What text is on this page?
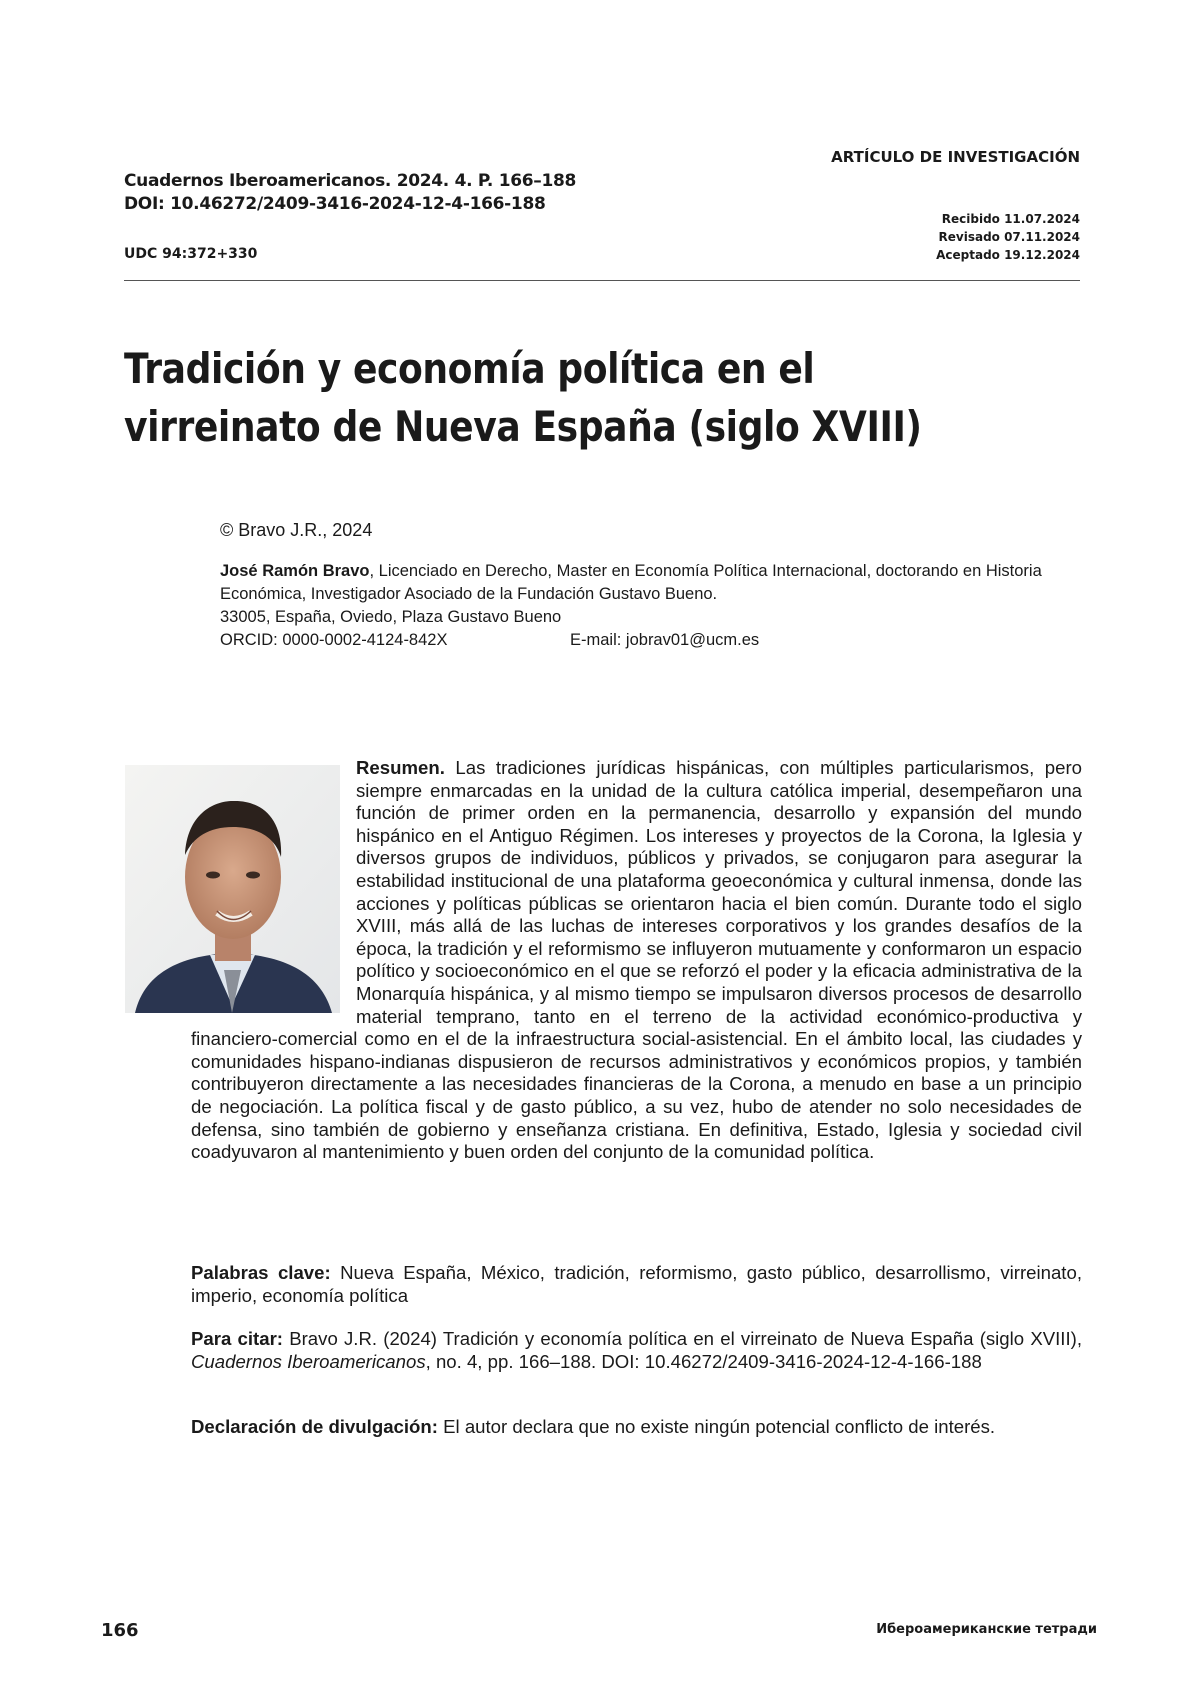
ARTÍCULO DE INVESTIGACIÓN
Cuadernos Iberoamericanos. 2024. 4. P. 166–188
DOI: 10.46272/2409-3416-2024-12-4-166-188
Recibido 11.07.2024
Revisado 07.11.2024
Aceptado 19.12.2024
UDC 94:372+330
Tradición y economía política en el virreinato de Nueva España (siglo XVIII)
© Bravo J.R., 2024
José Ramón Bravo, Licenciado en Derecho, Master en Economía Política Internacional, doctorando en Historia Económica, Investigador Asociado de la Fundación Gustavo Bueno.
33005, España, Oviedo, Plaza Gustavo Bueno
ORCID: 0000-0002-4124-842X	E-mail: jobrav01@ucm.es
Resumen. Las tradiciones jurídicas hispánicas, con múltiples particularismos, pero siempre enmarcadas en la unidad de la cultura católica imperial, desempeñaron una función de primer orden en la permanencia, desarrollo y expansión del mundo hispánico en el Antiguo Régimen. Los intereses y proyectos de la Corona, la Iglesia y diversos grupos de individuos, públicos y privados, se conjugaron para asegurar la estabilidad institucional de una plataforma geoeconómica y cultural inmensa, donde las acciones y políticas públicas se orientaron hacia el bien común. Durante todo el siglo XVIII, más allá de las luchas de intereses corporativos y los grandes desafíos de la época, la tradición y el reformismo se influyeron mutuamente y conformaron un espacio político y socioeconómico en el que se reforzó el poder y la eficacia administrativa de la Monarquía hispánica, y al mismo tiempo se impulsaron diversos procesos de desarrollo material temprano, tanto en el terreno de la actividad económico-productiva y financiero-comercial como en el de la infraestructura social-asistencial. En el ámbito local, las ciudades y comunidades hispano-indianas dispusieron de recursos administrativos y económicos propios, y también contribuyeron directamente a las necesidades financieras de la Corona, a menudo en base a un principio de negociación. La política fiscal y de gasto público, a su vez, hubo de atender no solo necesidades de defensa, sino también de gobierno y enseñanza cristiana. En definitiva, Estado, Iglesia y sociedad civil coadyuvaron al mantenimiento y buen orden del conjunto de la comunidad política.
Palabras clave: Nueva España, México, tradición, reformismo, gasto público, desarrollismo, virreinato, imperio, economía política
Para citar: Bravo J.R. (2024) Tradición y economía política en el virreinato de Nueva España (siglo XVIII), Cuadernos Iberoamericanos, no. 4, pp. 166–188. DOI: 10.46272/2409-3416-2024-12-4-166-188
Declaración de divulgación: El autor declara que no existe ningún potencial conflicto de interés.
166	Ибероамериканские тетради
